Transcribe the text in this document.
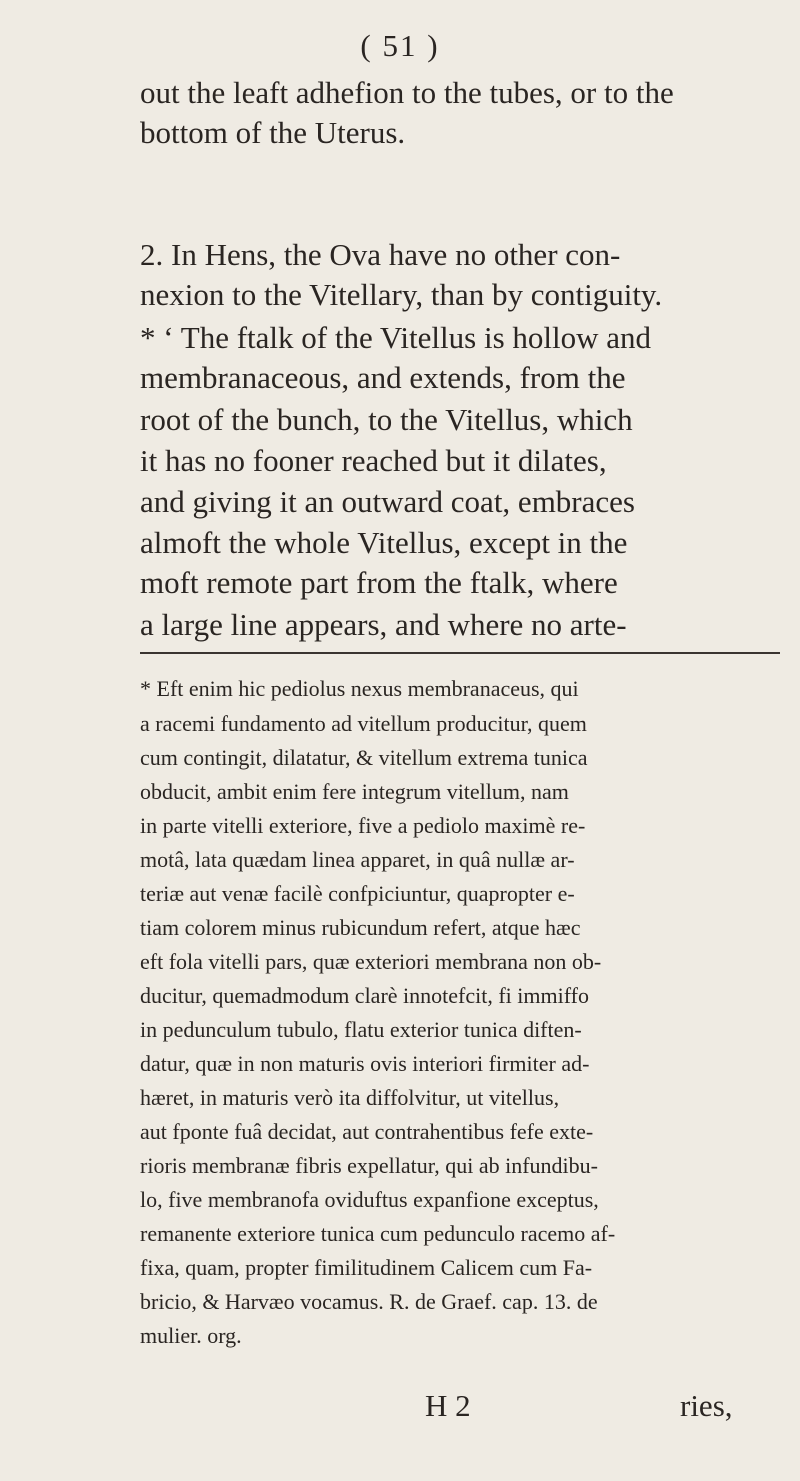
( 51 )
out the leaft adhefion to the tubes, or to the
bottom of the Uterus.
2. In Hens, the Ova have no other con-
nexion to the Vitellary, than by contiguity.
* ‘ The ftalk of the Vitellus is hollow and
membranaceous, and extends, from the
root of the bunch, to the Vitellus, which
it has no fooner reached but it dilates,
and giving it an outward coat, embraces
almoft the whole Vitellus, except in the
moft remote part from the ftalk, where
a large line appears, and where no arte-
* Eft enim hic pediolus nexus membranaceus, qui
a racemi fundamento ad vitellum producitur, quem
cum contingit, dilatatur, & vitellum extrema tunica
obducit, ambit enim fere integrum vitellum, nam
in parte vitelli exteriore, five a pediolo maximè re-
motâ, lata quædam linea apparet, in quâ nullæ ar-
teriæ aut venæ facilè confpiciuntur, quapropter e-
tiam colorem minus rubicundum refert, atque hæc
eft fola vitelli pars, quæ exteriori membrana non ob-
ducitur, quemadmodum clarè innotefcit, fi immiffo
in pedunculum tubulo, flatu exterior tunica diften-
datur, quæ in non maturis ovis interiori firmiter ad-
hæret, in maturis verò ita diffolvitur, ut vitellus,
aut fponte fuâ decidat, aut contrahentibus fefe exte-
rioris membranæ fibris expellatur, qui ab infundibu-
lo, five membranofa oviduftus expanfione exceptus,
remanente exteriore tunica cum pedunculo racemo af-
fixa, quam, propter fimilitudinem Calicem cum Fa-
bricio, & Harvæo vocamus. R. de Graef. cap. 13. de
mulier. org.
H 2	ries,
